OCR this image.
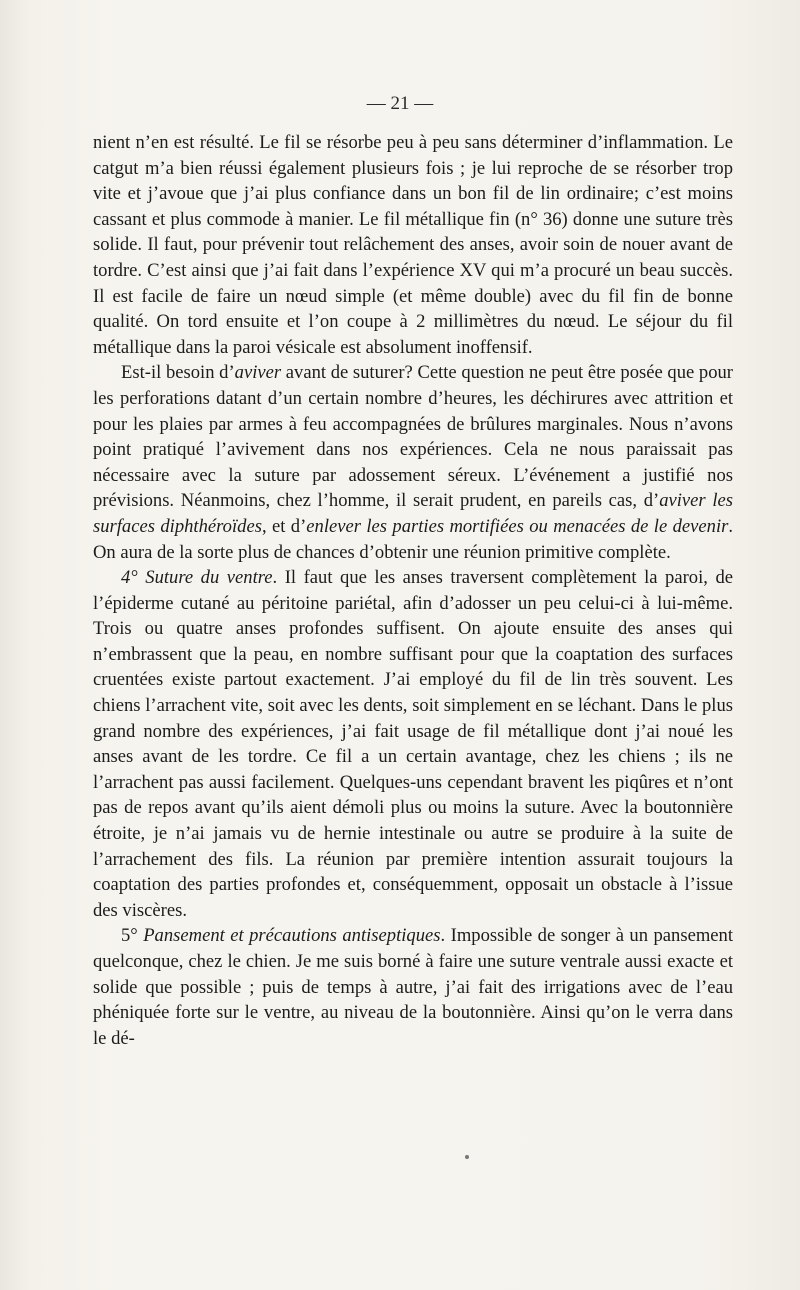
— 21 —

nient n’en est résulté. Le fil se résorbe peu à peu sans déterminer d’inflammation. Le catgut m’a bien réussi également plusieurs fois ; je lui reproche de se résorber trop vite et j’avoue que j’ai plus confiance dans un bon fil de lin ordinaire; c’est moins cassant et plus commode à manier. Le fil métallique fin (n° 36) donne une suture très solide. Il faut, pour prévenir tout relâchement des anses, avoir soin de nouer avant de tordre. C’est ainsi que j’ai fait dans l’expérience XV qui m’a procuré un beau succès. Il est facile de faire un nœud simple (et même double) avec du fil fin de bonne qualité. On tord ensuite et l’on coupe à 2 millimètres du nœud. Le séjour du fil métallique dans la paroi vésicale est absolument inoffensif.

Est-il besoin d’aviver avant de suturer? Cette question ne peut être posée que pour les perforations datant d’un certain nombre d’heures, les déchirures avec attrition et pour les plaies par armes à feu accompagnées de brûlures marginales. Nous n’avons point pratiqué l’avivement dans nos expériences. Cela ne nous paraissait pas nécessaire avec la suture par adossement séreux. L’événement a justifié nos prévisions. Néanmoins, chez l’homme, il serait prudent, en pareils cas, d’aviver les surfaces diphthéroïdes, et d’enlever les parties mortifiées ou menacées de le devenir. On aura de la sorte plus de chances d’obtenir une réunion primitive complète.

4° Suture du ventre. Il faut que les anses traversent complètement la paroi, de l’épiderme cutané au péritoine pariétal, afin d’adosser un peu celui-ci à lui-même. Trois ou quatre anses profondes suffisent. On ajoute ensuite des anses qui n’embrassent que la peau, en nombre suffisant pour que la coaptation des surfaces cruentées existe partout exactement. J’ai employé du fil de lin très souvent. Les chiens l’arrachent vite, soit avec les dents, soit simplement en se léchant. Dans le plus grand nombre des expériences, j’ai fait usage de fil métallique dont j’ai noué les anses avant de les tordre. Ce fil a un certain avantage, chez les chiens ; ils ne l’arrachent pas aussi facilement. Quelques-uns cependant bravent les piqûres et n’ont pas de repos avant qu’ils aient démoli plus ou moins la suture. Avec la boutonnière étroite, je n’ai jamais vu de hernie intestinale ou autre se produire à la suite de l’arrachement des fils. La réunion par première intention assurait toujours la coaptation des parties profondes et, conséquemment, opposait un obstacle à l’issue des viscères.

5° Pansement et précautions antiseptiques. Impossible de songer à un pansement quelconque, chez le chien. Je me suis borné à faire une suture ventrale aussi exacte et solide que possible ; puis de temps à autre, j’ai fait des irrigations avec de l’eau phéniquée forte sur le ventre, au niveau de la boutonnière. Ainsi qu’on le verra dans le dé-
